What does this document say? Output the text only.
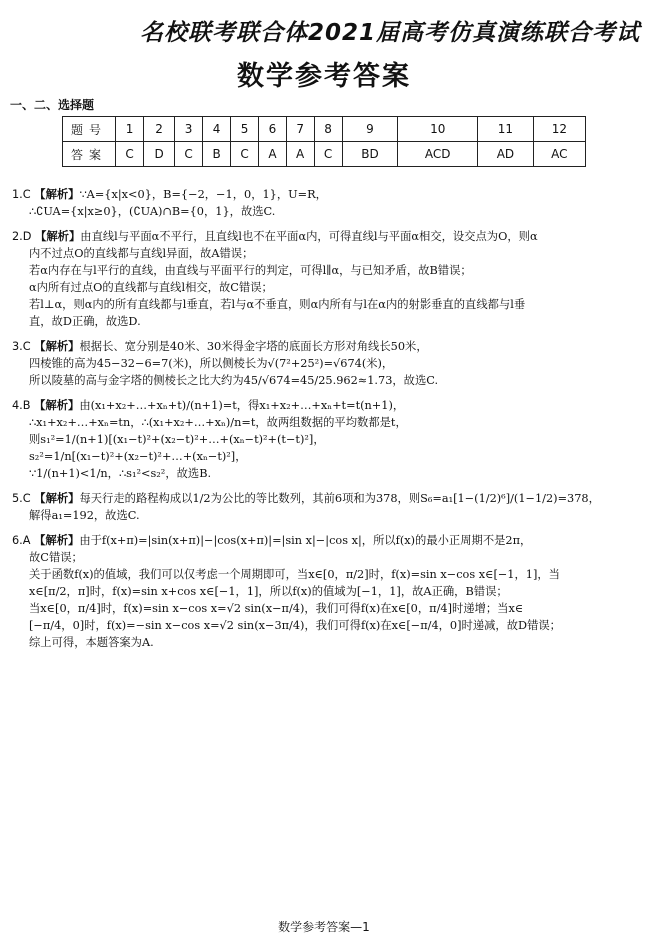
名校联考联合体2021届高考仿真演练联合考试
数学参考答案
一、二、选择题
题号	1	2	3	4	5	6	7	8	9	10	11	12
答案	C	D	C	B	C	A	A	C	BD	ACD	AD	AC
1.C 【解析】∵A={x|x<0}，B={−2，−1，0，1}，U=R，
∴∁UA={x|x≥0}，(∁UA)∩B={0，1}，故选C.
2.D 【解析】由直线l与平面α不平行，且直线l也不在平面α内，可得直线l与平面α相交，设交点为O，则α
内不过点O的直线都与直线l异面，故A错误；
若α内存在与l平行的直线，由直线与平面平行的判定，可得l∥α，与已知矛盾，故B错误；
α内所有过点O的直线都与直线l相交，故C错误；
若l⊥α，则α内的所有直线都与l垂直，若l与α不垂直，则α内所有与l在α内的射影垂直的直线都与l垂
直，故D正确，故选D.
3.C 【解析】根据长、宽分别是40米、30米得金字塔的底面长方形对角线长50米，
四棱锥的高为45−32−6=7(米)，所以侧棱长为√(7²+25²)=√674(米)，
所以陵墓的高与金字塔的侧棱长之比大约为45/√674=45/25.962≈1.73，故选C.
4.B 【解析】由(x₁+x₂+…+xₙ+t)/(n+1)=t，得x₁+x₂+…+xₙ+t=t(n+1)，
∴x₁+x₂+…+xₙ=tn，∴(x₁+x₂+…+xₙ)/n=t，故两组数据的平均数都是t，
则s₁²=1/(n+1)[(x₁−t)²+(x₂−t)²+…+(xₙ−t)²+(t−t)²]，
s₂²=1/n[(x₁−t)²+(x₂−t)²+…+(xₙ−t)²]，
∵1/(n+1)<1/n，∴s₁²<s₂²，故选B.
5.C 【解析】每天行走的路程构成以1/2为公比的等比数列，其前6项和为378，则S₆=a₁[1−(1/2)⁶]/(1−1/2)=378，
解得a₁=192，故选C.
6.A 【解析】由于f(x+π)=|sin(x+π)|−|cos(x+π)|=|sin x|−|cos x|，所以f(x)的最小正周期不是2π，
故C错误；
关于函数f(x)的值域，我们可以仅考虑一个周期即可，当x∈[0，π/2]时，f(x)=sin x−cos x∈[−1，1]，当
x∈[π/2，π]时，f(x)=sin x+cos x∈[−1，1]，所以f(x)的值域为[−1，1]，故A正确，B错误；
当x∈[0，π/4]时，f(x)=sin x−cos x=√2 sin(x−π/4)，我们可得f(x)在x∈[0，π/4]时递增；当x∈
[−π/4，0]时，f(x)=−sin x−cos x=√2 sin(x−3π/4)，我们可得f(x)在x∈[−π/4，0]时递减，故D错误；
综上可得，本题答案为A.
数学参考答案—1
